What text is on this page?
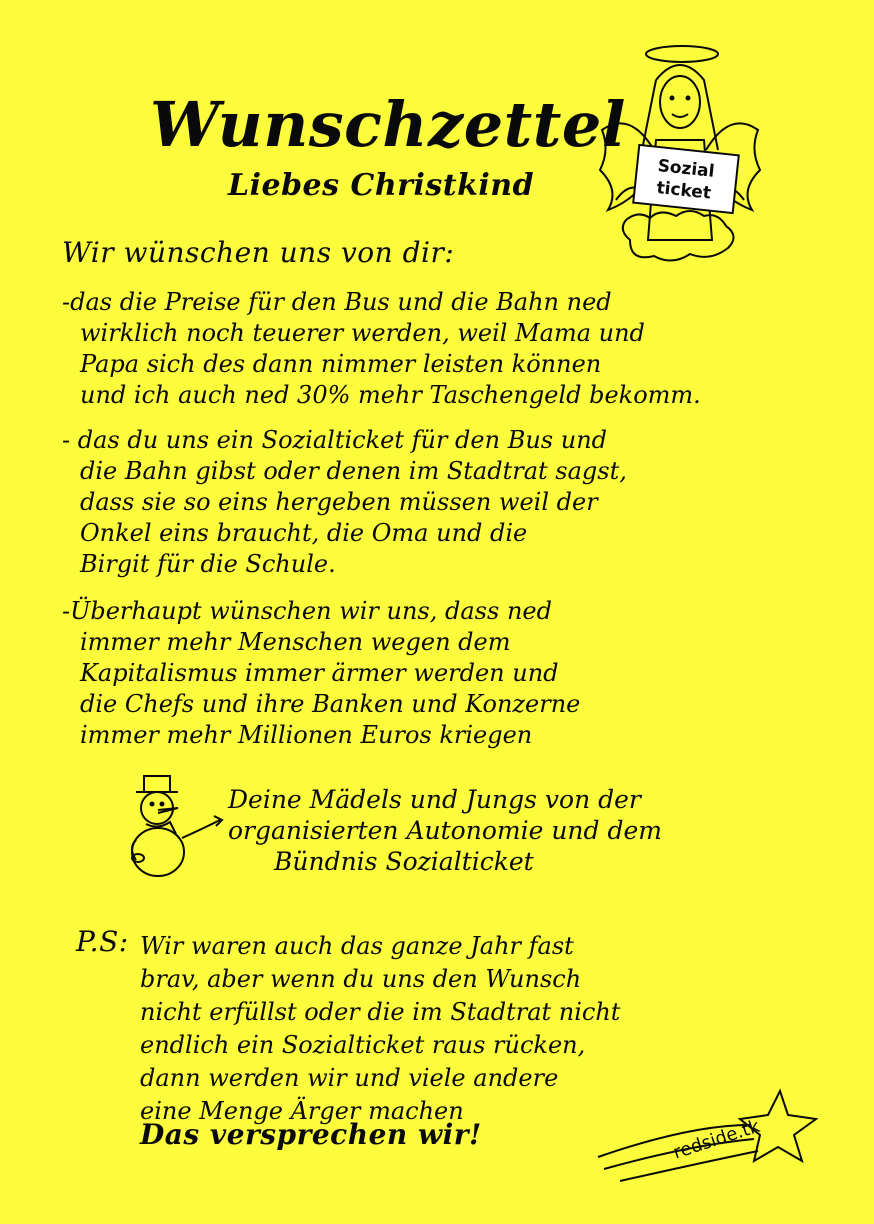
Wunschzettel
Liebes Christkind
Wir wünschen uns von dir:
-das die Preise für den Bus und die Bahn ned
wirklich noch teuerer werden, weil Mama und
Papa sich des dann nimmer leisten können
und ich auch ned 30% mehr Taschengeld bekomm.
- das du uns ein Sozialticket für den Bus und
die Bahn gibst oder denen im Stadtrat sagst,
dass sie so eins hergeben müssen weil der
Onkel eins braucht, die Oma und die
Birgit für die Schule.
-Überhaupt wünschen wir uns, dass ned
immer mehr Menschen wegen dem
Kapitalismus immer ärmer werden und
die Chefs und ihre Banken und Konzerne
immer mehr Millionen Euros kriegen
Deine Mädels und Jungs von der
organisierten Autonomie und dem
Bündnis Sozialticket
P.S: Wir waren auch das ganze Jahr fast
brav, aber wenn du uns den Wunsch
nicht erfüllst oder die im Stadtrat nicht
endlich ein Sozialticket raus rücken,
dann werden wir und viele andere
eine Menge Ärger machen
Das versprechen wir!
Sozial
ticket
redside.tk
